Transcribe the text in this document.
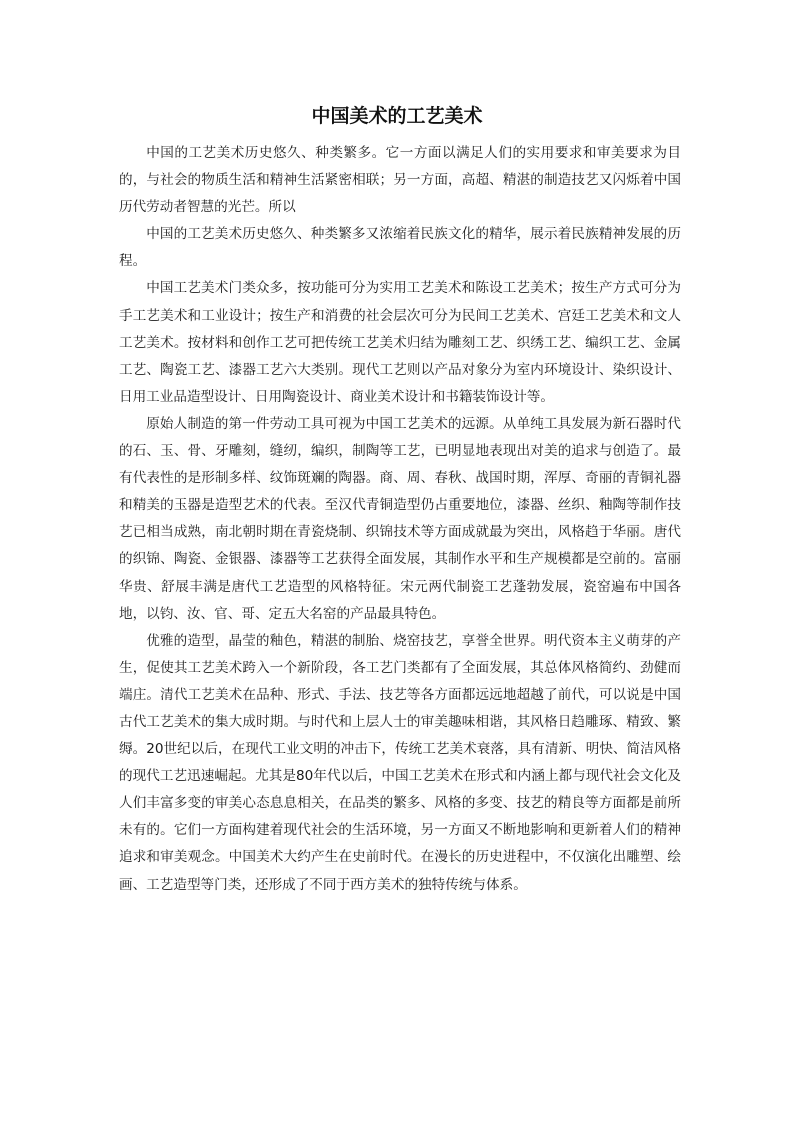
中国美术的工艺美术

中国的工艺美术历史悠久、种类繁多。它一方面以满足人们的实用要求和审美要求为目的，与社会的物质生活和精神生活紧密相联；另一方面，高超、精湛的制造技艺又闪烁着中国历代劳动者智慧的光芒。所以

中国的工艺美术历史悠久、种类繁多又浓缩着民族文化的精华，展示着民族精神发展的历程。

中国工艺美术门类众多，按功能可分为实用工艺美术和陈设工艺美术；按生产方式可分为手工艺美术和工业设计；按生产和消费的社会层次可分为民间工艺美术、宫廷工艺美术和文人工艺美术。按材料和创作工艺可把传统工艺美术归结为雕刻工艺、织绣工艺、编织工艺、金属工艺、陶瓷工艺、漆器工艺六大类别。现代工艺则以产品对象分为室内环境设计、染织设计、日用工业品造型设计、日用陶瓷设计、商业美术设计和书籍装饰设计等。

原始人制造的第一件劳动工具可视为中国工艺美术的远源。从单纯工具发展为新石器时代的石、玉、骨、牙雕刻，缝纫，编织，制陶等工艺，已明显地表现出对美的追求与创造了。最有代表性的是形制多样、纹饰斑斓的陶器。商、周、春秋、战国时期，浑厚、奇丽的青铜礼器和精美的玉器是造型艺术的代表。至汉代青铜造型仍占重要地位，漆器、丝织、釉陶等制作技艺已相当成熟，南北朝时期在青瓷烧制、织锦技术等方面成就最为突出，风格趋于华丽。唐代的织锦、陶瓷、金银器、漆器等工艺获得全面发展，其制作水平和生产规模都是空前的。富丽华贵、舒展丰满是唐代工艺造型的风格特征。宋元两代制瓷工艺蓬勃发展，瓷窑遍布中国各地，以钧、汝、官、哥、定五大名窑的产品最具特色。

优雅的造型，晶莹的釉色，精湛的制胎、烧窑技艺，享誉全世界。明代资本主义萌芽的产生，促使其工艺美术跨入一个新阶段，各工艺门类都有了全面发展，其总体风格简约、劲健而端庄。清代工艺美术在品种、形式、手法、技艺等各方面都远远地超越了前代，可以说是中国古代工艺美术的集大成时期。与时代和上层人士的审美趣味相谐，其风格日趋雕琢、精致、繁缛。20世纪以后，在现代工业文明的冲击下，传统工艺美术衰落，具有清新、明快、简洁风格的现代工艺迅速崛起。尤其是80年代以后，中国工艺美术在形式和内涵上都与现代社会文化及人们丰富多变的审美心态息息相关，在品类的繁多、风格的多变、技艺的精良等方面都是前所未有的。它们一方面构建着现代社会的生活环境，另一方面又不断地影响和更新着人们的精神追求和审美观念。中国美术大约产生在史前时代。在漫长的历史进程中，不仅演化出雕塑、绘画、工艺造型等门类，还形成了不同于西方美术的独特传统与体系。
